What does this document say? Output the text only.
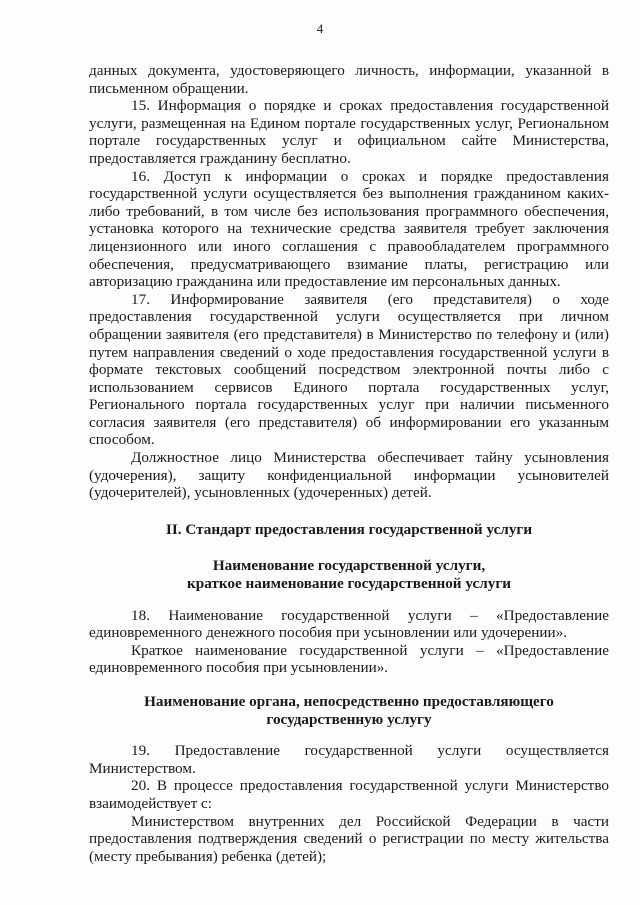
4

данных документа, удостоверяющего личность, информации, указанной в письменном обращении.

15. Информация о порядке и сроках предоставления государственной услуги, размещенная на Едином портале государственных услуг, Региональном портале государственных услуг и официальном сайте Министерства, предоставляется гражданину бесплатно.

16. Доступ к информации о сроках и порядке предоставления государственной услуги осуществляется без выполнения гражданином каких-либо требований, в том числе без использования программного обеспечения, установка которого на технические средства заявителя требует заключения лицензионного или иного соглашения с правообладателем программного обеспечения, предусматривающего взимание платы, регистрацию или авторизацию гражданина или предоставление им персональных данных.

17. Информирование заявителя (его представителя) о ходе предоставления государственной услуги осуществляется при личном обращении заявителя (его представителя) в Министерство по телефону и (или) путем направления сведений о ходе предоставления государственной услуги в формате текстовых сообщений посредством электронной почты либо с использованием сервисов Единого портала государственных услуг, Регионального портала государственных услуг при наличии письменного согласия заявителя (его представителя) об информировании его указанным способом.

Должностное лицо Министерства обеспечивает тайну усыновления (удочерения), защиту конфиденциальной информации усыновителей (удочерителей), усыновленных (удочеренных) детей.

II. Стандарт предоставления государственной услуги

Наименование государственной услуги,

краткое наименование государственной услуги

18. Наименование государственной услуги – «Предоставление единовременного денежного пособия при усыновлении или удочерении».

Краткое наименование государственной услуги – «Предоставление единовременного пособия при усыновлении».

Наименование органа, непосредственно предоставляющего

государственную услугу

19. Предоставление государственной услуги осуществляется Министерством.

20. В процессе предоставления государственной услуги Министерство взаимодействует с:

Министерством внутренних дел Российской Федерации в части предоставления подтверждения сведений о регистрации по месту жительства (месту пребывания) ребенка (детей);
